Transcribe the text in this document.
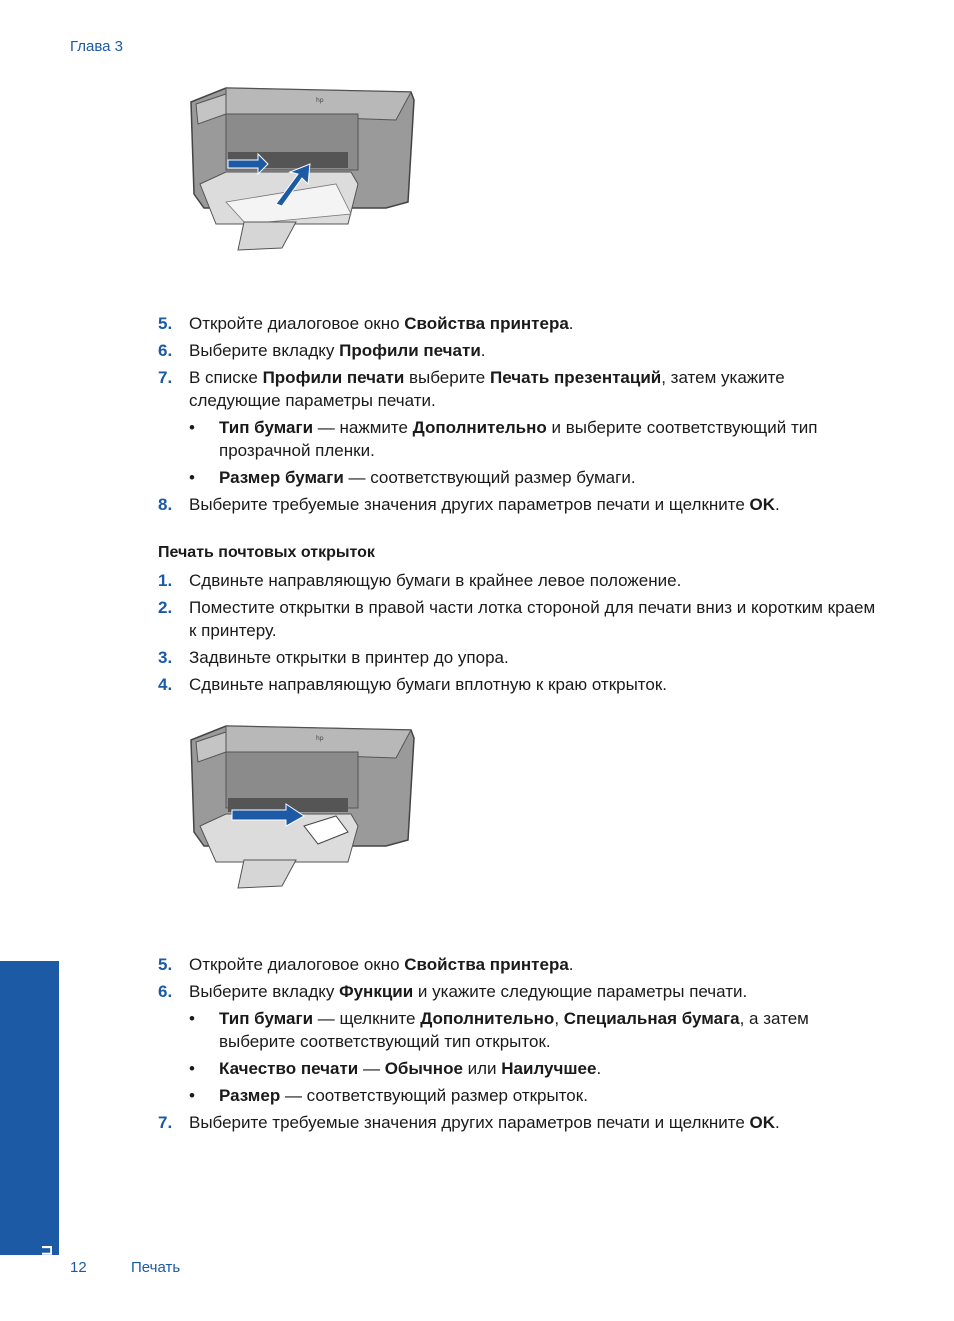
Глава 3
hp
5. Откройте диалоговое окно Свойства принтера.
6. Выберите вкладку Профили печати.
7. В списке Профили печати выберите Печать презентаций, затем укажите следующие параметры печати.
• Тип бумаги — нажмите Дополнительно и выберите соответствующий тип прозрачной пленки.
• Размер бумаги — соответствующий размер бумаги.
8. Выберите требуемые значения других параметров печати и щелкните OK.
Печать почтовых открыток
1. Сдвиньте направляющую бумаги в крайнее левое положение.
2. Поместите открытки в правой части лотка стороной для печати вниз и коротким краем к принтеру.
3. Задвиньте открытки в принтер до упора.
4. Сдвиньте направляющую бумаги вплотную к краю открыток.
hp
5. Откройте диалоговое окно Свойства принтера.
6. Выберите вкладку Функции и укажите следующие параметры печати.
• Тип бумаги — щелкните Дополнительно, Специальная бумага, а затем выберите соответствующий тип открыток.
• Качество печати — Обычное или Наилучшее.
• Размер — соответствующий размер открыток.
7. Выберите требуемые значения других параметров печати и щелкните OK.
Печать 12	Печать
